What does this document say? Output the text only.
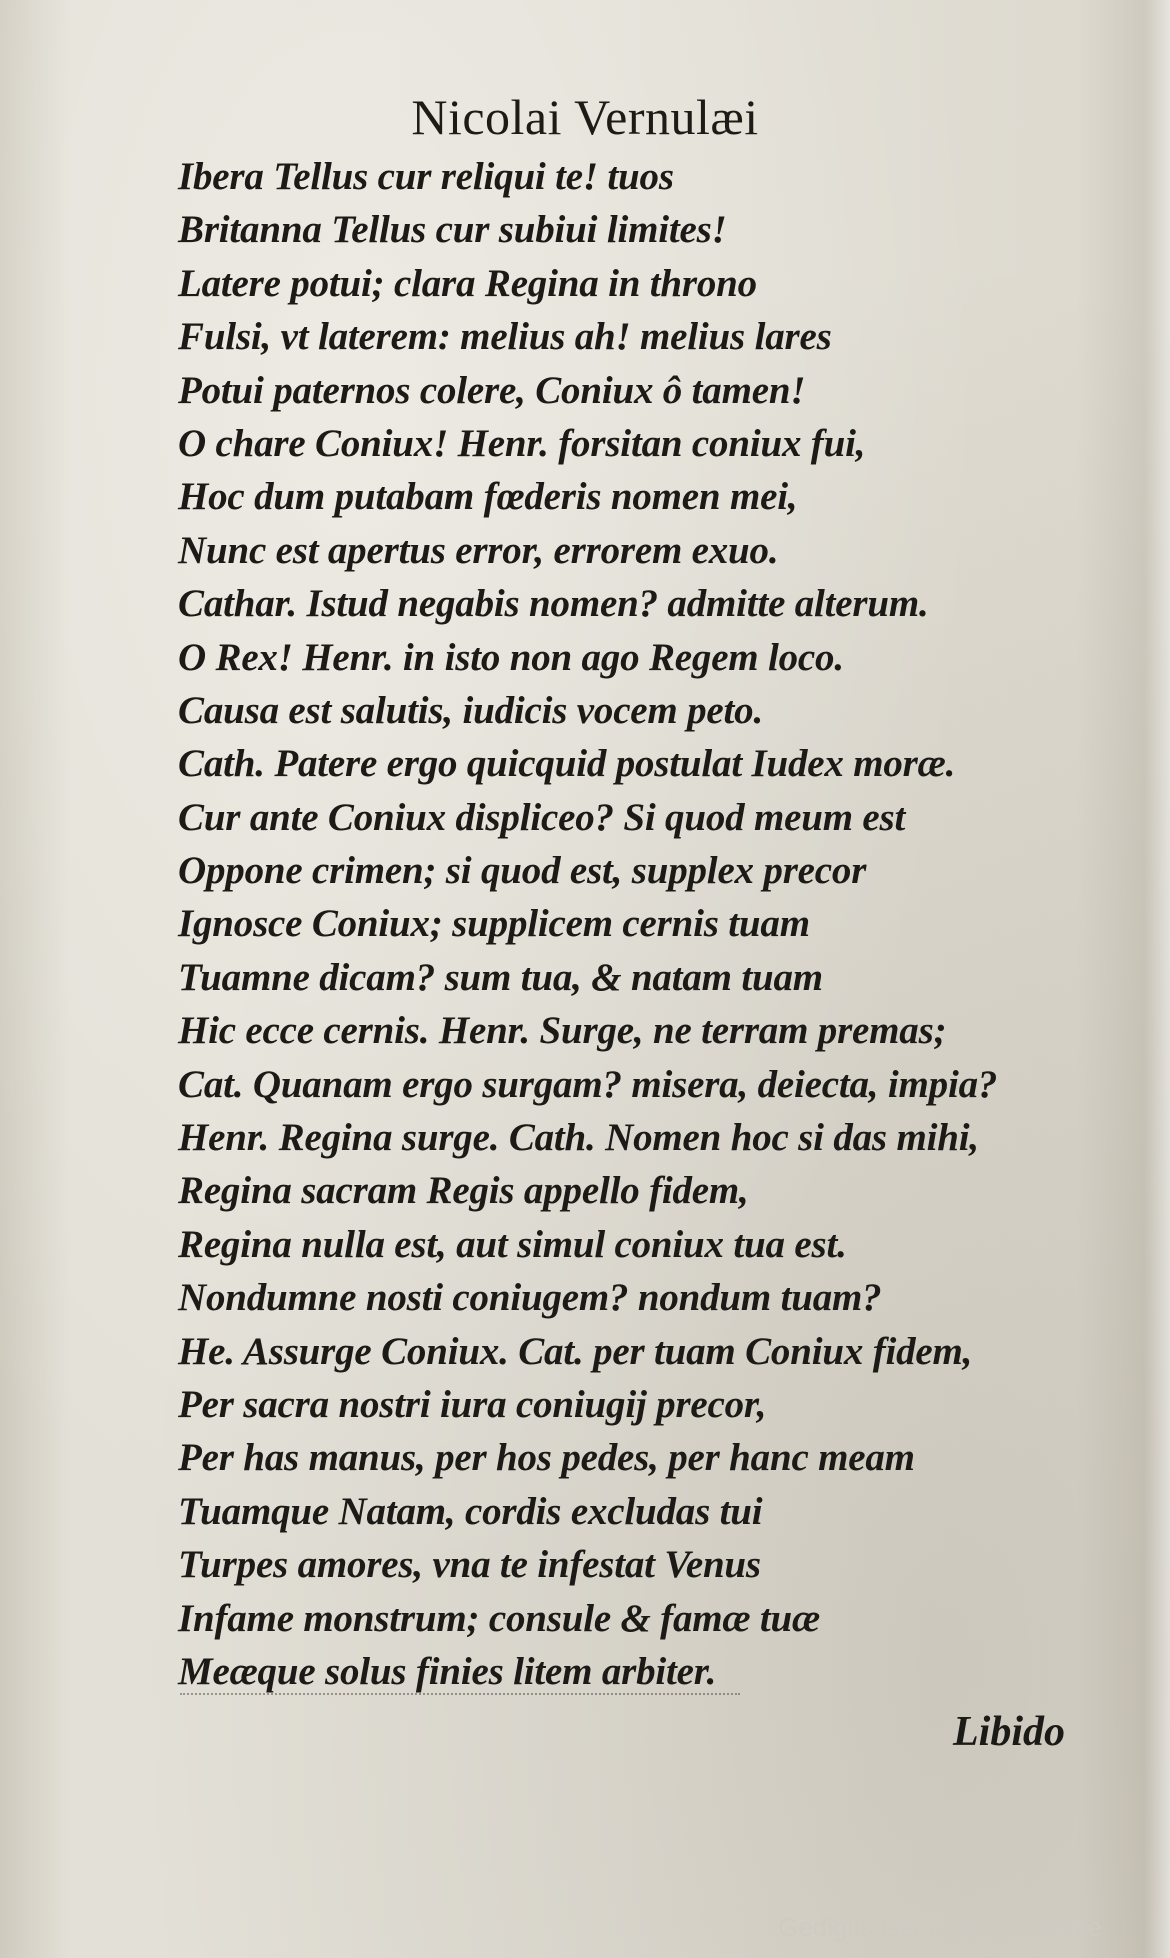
Nicolai Vernulæi
Ibera Tellus cur reliqui te! tuos
Britanna Tellus cur subiui limites!
Latere potui; clara Regina in throno
Fulsi, vt laterem: melius ah! melius lares
Potui paternos colere, Coniux ô tamen!
O chare Coniux! Henr. forsitan coniux fui,
Hoc dum putabam fœderis nomen mei,
Nunc est apertus error, errorem exuo.
Cathar. Istud negabis nomen? admitte alterum.
O Rex! Henr. in isto non ago Regem loco.
Causa est salutis, iudicis vocem peto.
Cath. Patere ergo quicquid postulat Iudex moræ.
Cur ante Coniux displiceo? Si quod meum est
Oppone crimen; si quod est, supplex precor
Ignosce Coniux; supplicem cernis tuam
Tuamne dicam? sum tua, & natam tuam
Hic ecce cernis. Henr. Surge, ne terram premas;
Cat. Quanam ergo surgam? misera, deiecta, impia?
Henr. Regina surge. Cath. Nomen hoc si das mihi,
Regina sacram Regis appello fidem,
Regina nulla est, aut simul coniux tua est.
Nondumne nosti coniugem? nondum tuam?
He. Assurge Coniux. Cat. per tuam Coniux fidem,
Per sacra nostri iura coniugij precor,
Per has manus, per hos pedes, per hanc meam
Tuamque Natam, cordis excludas tui
Turpes amores, vna te infestat Venus
Infame monstrum; consule & famæ tuæ
Meæque solus finies litem arbiter.
Libido
Gedigitaliseerd door Google
